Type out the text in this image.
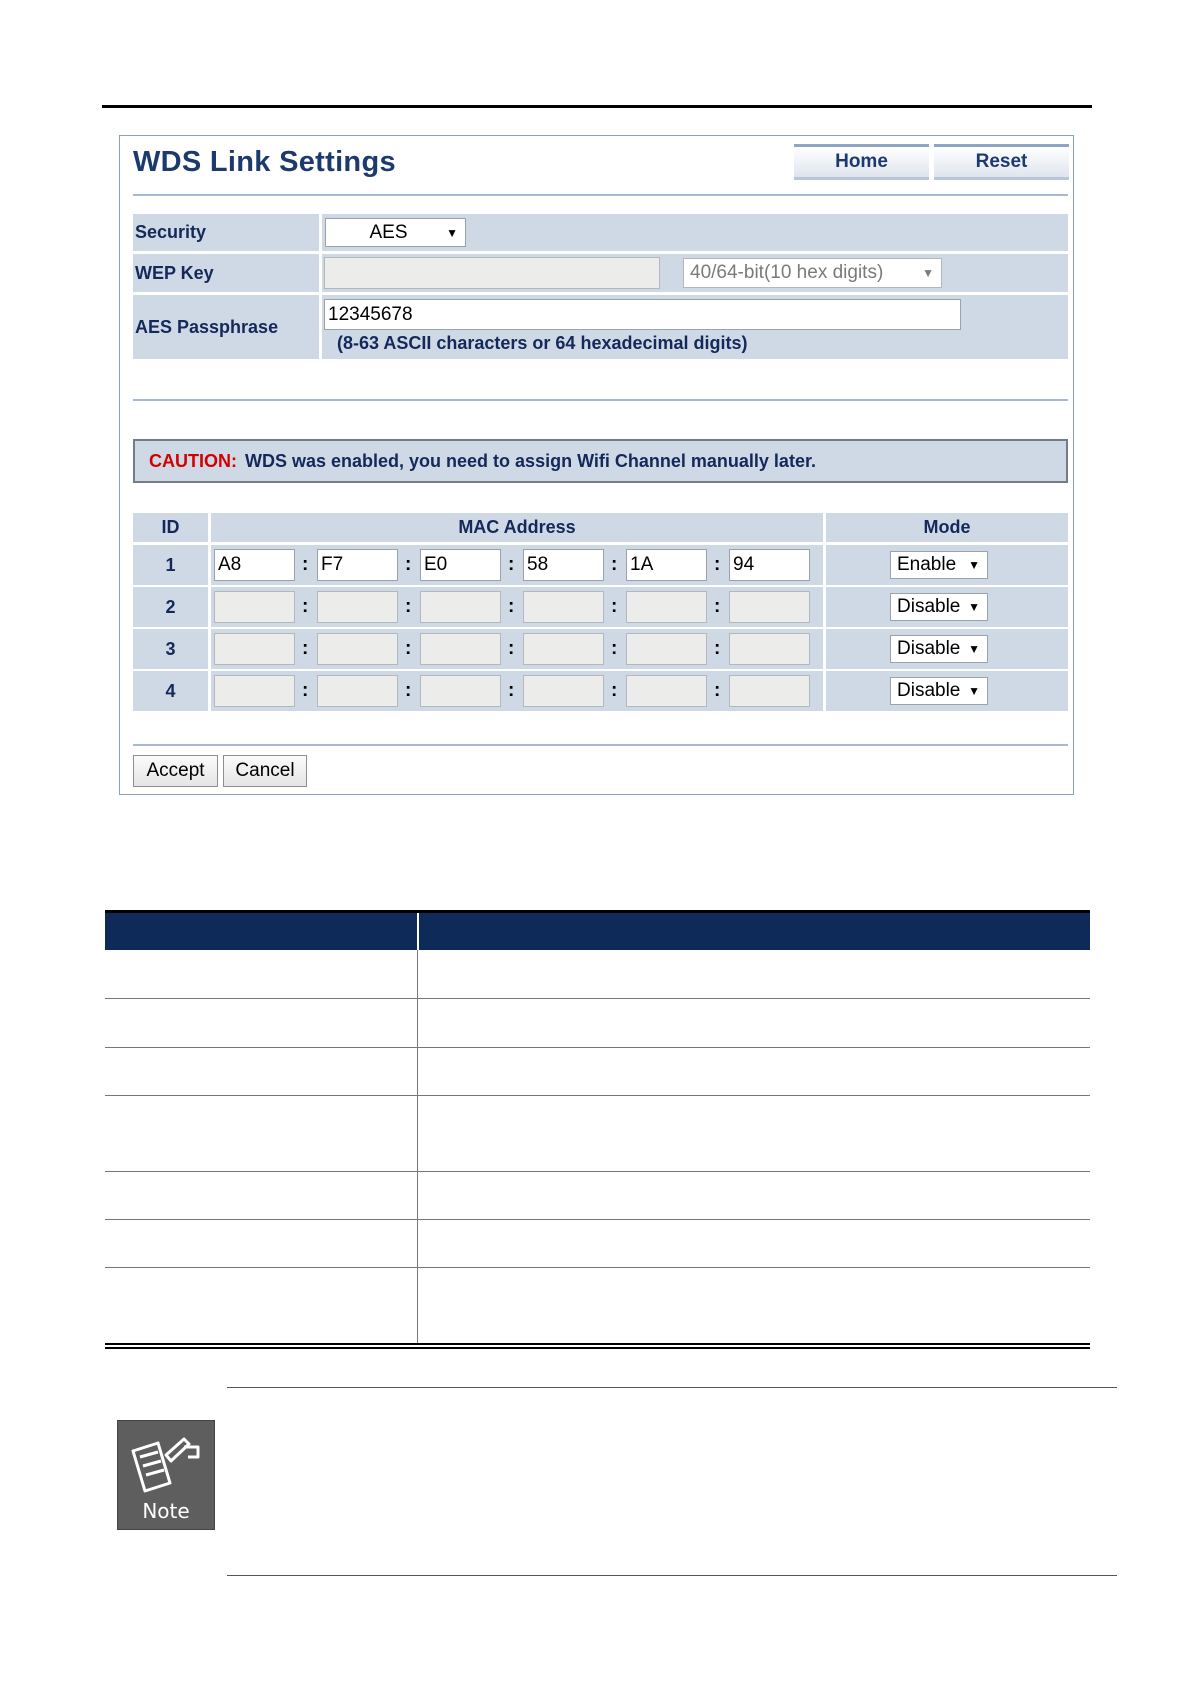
WDS Link Settings	Home	Reset
Security	AES	▼
WEP Key	40/64-bit(10 hex digits)	▼
AES Passphrase
12345678
(8-63 ASCII characters or 64 hexadecimal digits)
CAUTION: WDS was enabled, you need to assign Wifi Channel manually later.
ID	MAC Address	Mode
1	A8	: F7	: E0	: 58	: 1A	: 94	Enable ▼
2	:	:	:	:	:	Disable ▼
3	:	:	:	:	:	Disable ▼
4	:	:	:	:	:	Disable ▼
Accept	Cancel
Note
